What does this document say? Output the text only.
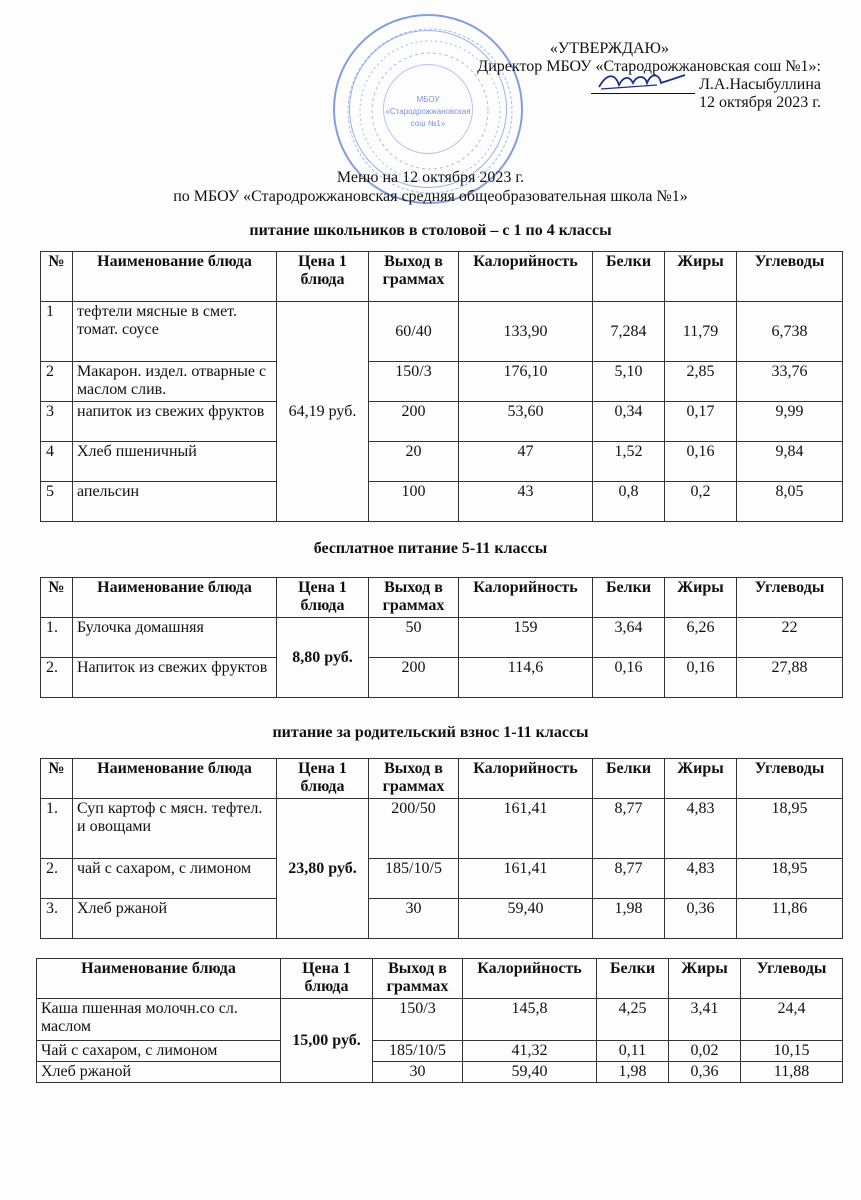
МБОУ
«Стародрожжановская
сош №1»
«УТВЕРЖДАЮ»
Директор МБОУ «Стародрожжановская сош №1»:
Л.А.Насыбуллина
12 октября 2023 г.
Меню на 12 октября 2023 г.
по МБОУ «Стародрожжановская средняя общеобразовательная школа №1»
питание школьников в столовой – с 1 по 4 классы
№	Наименование блюда	Цена 1 блюда	Выход в граммах	Калорийность	Белки	Жиры	Углеводы
1	тефтели мясные в смет. томат. соусе	64,19 руб.	60/40	133,90	7,284	11,79	6,738
2	Макарон. издел. отварные с маслом слив.		150/3	176,10	5,10	2,85	33,76
3	напиток из свежих фруктов		200	53,60	0,34	0,17	9,99
4	Хлеб пшеничный		20	47	1,52	0,16	9,84
5	апельсин		100	43	0,8	0,2	8,05
бесплатное питание 5-11 классы
№	Наименование блюда	Цена 1 блюда	Выход в граммах	Калорийность	Белки	Жиры	Углеводы
1.	Булочка домашняя	8,80 руб.	50	159	3,64	6,26	22
2.	Напиток из свежих фруктов		200	114,6	0,16	0,16	27,88
питание за родительский взнос 1-11 классы
№	Наименование блюда	Цена 1 блюда	Выход в граммах	Калорийность	Белки	Жиры	Углеводы
1.	Суп картоф с мясн. тефтел. и овощами	23,80 руб.	200/50	161,41	8,77	4,83	18,95
2.	чай с сахаром, с лимоном		185/10/5	161,41	8,77	4,83	18,95
3.	Хлеб ржаной		30	59,40	1,98	0,36	11,86
Наименование блюда	Цена 1 блюда	Выход в граммах	Калорийность	Белки	Жиры	Углеводы
Каша пшенная молочн.со сл. маслом	15,00 руб.	150/3	145,8	4,25	3,41	24,4
Чай с сахаром, с лимоном		185/10/5	41,32	0,11	0,02	10,15
Хлеб ржаной		30	59,40	1,98	0,36	11,88
